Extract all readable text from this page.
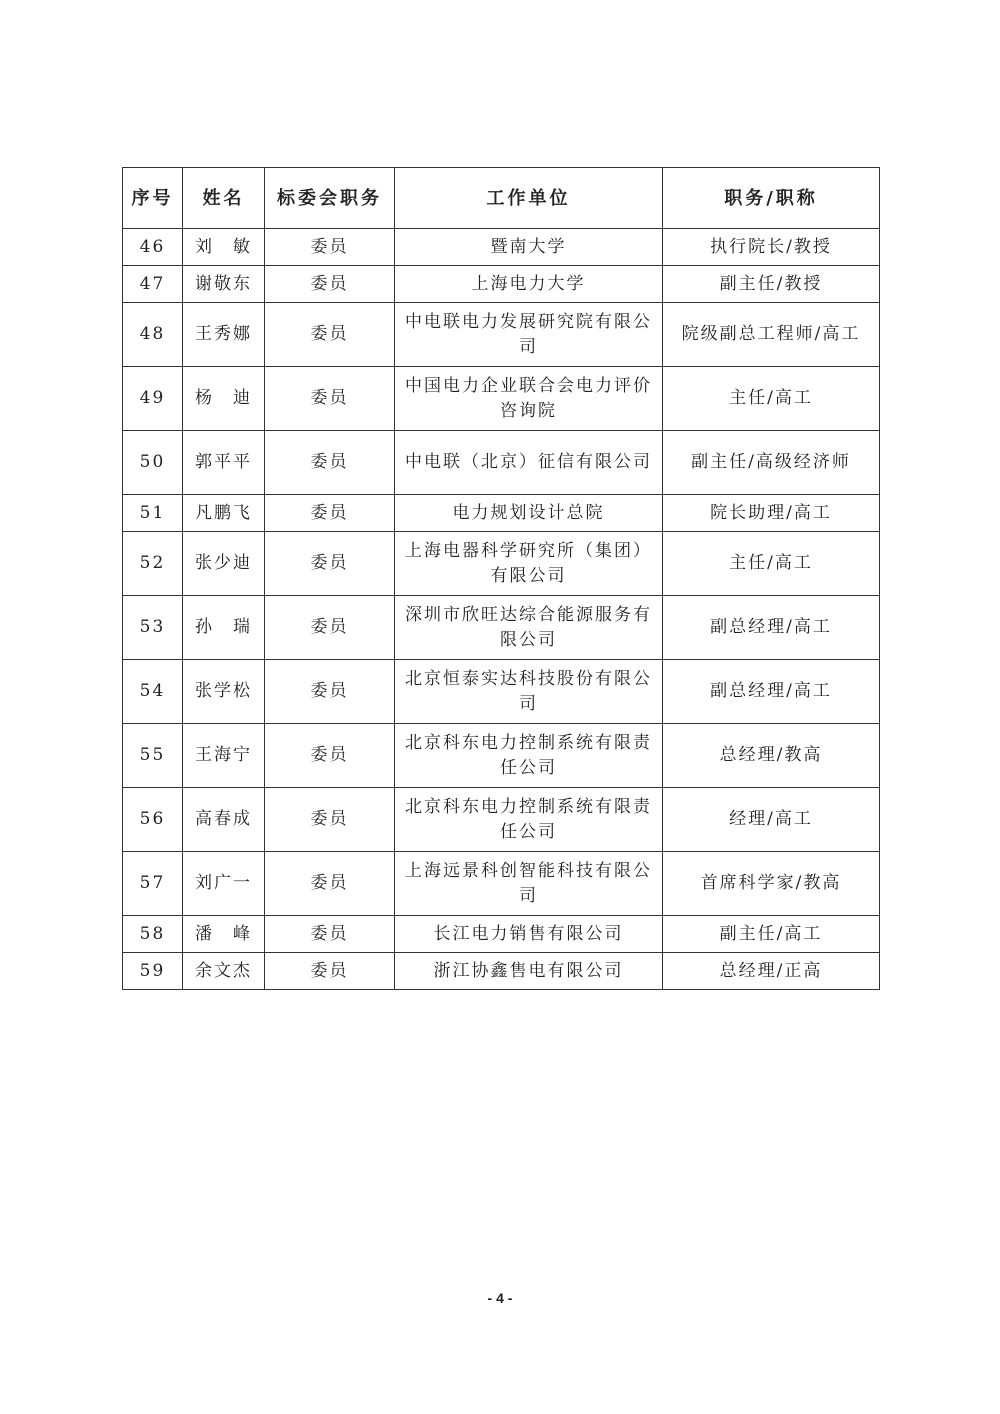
序号	姓名	标委会职务	工作单位	职务/职称
46	刘　敏	委员	暨南大学	执行院长/教授
47	谢敬东	委员	上海电力大学	副主任/教授
48	王秀娜	委员	中电联电力发展研究院有限公司	院级副总工程师/高工
49	杨　迪	委员	中国电力企业联合会电力评价咨询院	主任/高工
50	郭平平	委员	中电联（北京）征信有限公司	副主任/高级经济师
51	凡鹏飞	委员	电力规划设计总院	院长助理/高工
52	张少迪	委员	上海电器科学研究所（集团）有限公司	主任/高工
53	孙　瑞	委员	深圳市欣旺达综合能源服务有限公司	副总经理/高工
54	张学松	委员	北京恒泰实达科技股份有限公司	副总经理/高工
55	王海宁	委员	北京科东电力控制系统有限责任公司	总经理/教高
56	高春成	委员	北京科东电力控制系统有限责任公司	经理/高工
57	刘广一	委员	上海远景科创智能科技有限公司	首席科学家/教高
58	潘　峰	委员	长江电力销售有限公司	副主任/高工
59	余文杰	委员	浙江协鑫售电有限公司	总经理/正高
- 4 -
